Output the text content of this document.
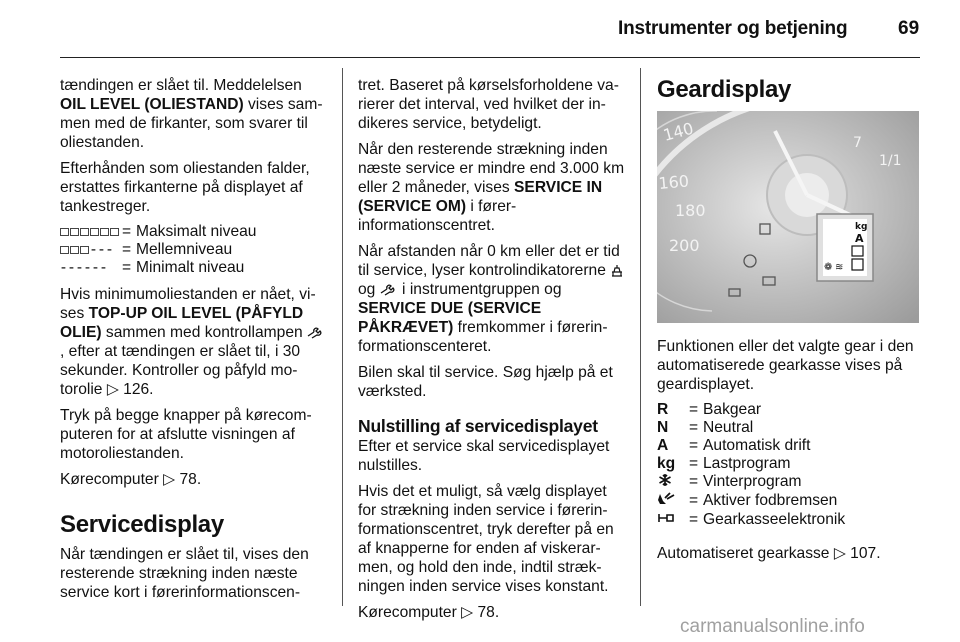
Instrumenter og betjening	69

tændingen er slået til. Meddelelsen OIL LEVEL (OLIESTAND) vises sam-men med de firkanter, som svarer til oliestanden.

Efterhånden som oliestanden falder, erstattes firkanterne på displayet af tankestreger.

	=	Maksimalt niveau
- - -	=	Mellemniveau
- - - - - -	=	Minimalt niveau

Hvis minimumoliestanden er nået, vi-ses TOP-UP OIL LEVEL (PÅFYLD OLIE) sammen med kontrollampen , efter at tændingen er slået til, i 30 sekunder. Kontroller og påfyld mo-torolie ▷ 126.

Tryk på begge knapper på kørecom-puteren for at afslutte visningen af motoroliestanden.

Kørecomputer ▷ 78.

Servicedisplay

Når tændingen er slået til, vises den resterende strækning inden næste service kort i førerinformationscen-

tret. Baseret på kørselsforholdene va-rierer det interval, ved hvilket der in-dikeres service, betydeligt.

Når den resterende strækning inden næste service er mindre end 3.000 km eller 2 måneder, vises SERVICE IN (SERVICE OM) i fører-informationscentret.

Når afstanden når 0 km eller det er tid til service, lyser kontrolindikatorerne  og  i instrumentgruppen og SERVICE DUE (SERVICE PÅKRÆVET) fremkommer i førerin-formationscenteret.

Bilen skal til service. Søg hjælp på et værksted.

Nulstilling af servicedisplayet

Efter et service skal servicedisplayet nulstilles.

Hvis det et muligt, så vælg displayet for strækning inden service i førerin-formationscentret, tryk derefter på en af knapperne for enden af viskerar-men, og hold den inde, indtil stræk-ningen inden service vises konstant.

Kørecomputer ▷ 78.

Geardisplay
140
160
180
200
7
1/1
kg
A
❁ ≋

Funktionen eller det valgte gear i den automatiserede gearkasse vises på geardisplayet.

R	=	Bakgear
N	=	Neutral
A	=	Automatisk drift
kg	=	Lastprogram
	=	Vinterprogram
	=	Aktiver fodbremsen
	=	Gearkasseelektronik

Automatiseret gearkasse ▷ 107.

carmanualsonline.info
